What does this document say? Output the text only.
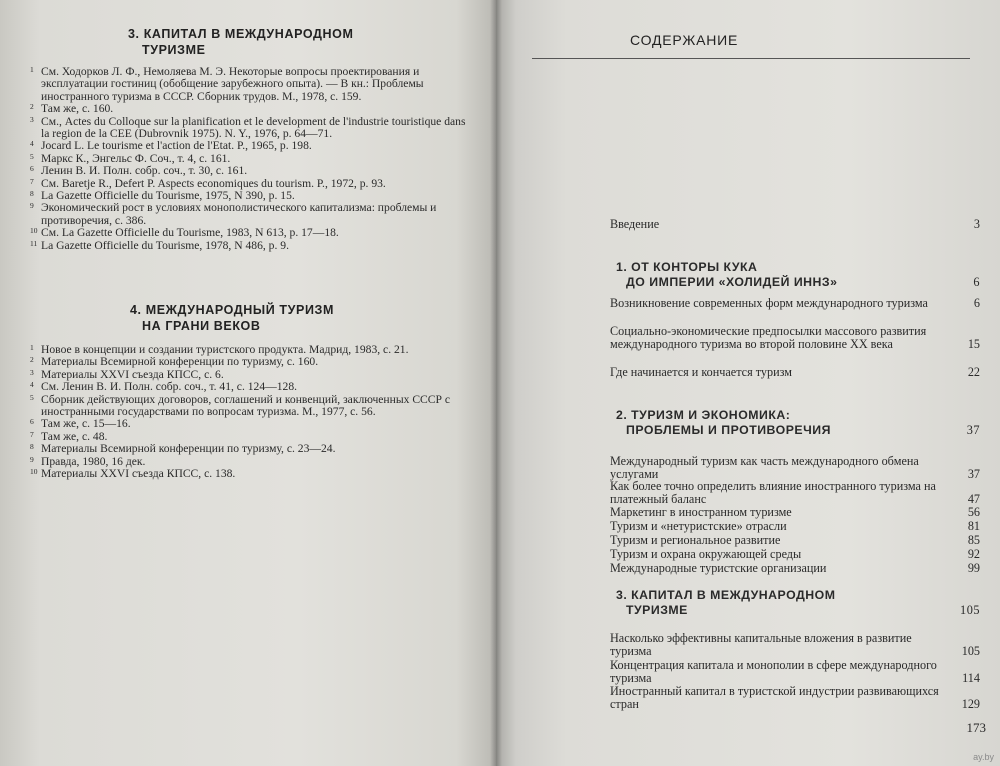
3. КАПИТАЛ В МЕЖДУНАРОДНОМ
ТУРИЗМЕ
1 См. Ходорков Л. Ф., Немоляева М. Э. Некоторые вопросы проектирования и эксплуатации гостиниц (обобщение зарубежного опыта). — В кн.: Проблемы иностранного туризма в СССР. Сборник трудов. М., 1978, с. 159.
2 Там же, с. 160.
3 См., Actes du Colloque sur la planification et le development de l'industrie touristique dans la region de la CEE (Dubrovnik 1975). N. Y., 1976, p. 64—71.
4 Jocard L. Le tourisme et l'action de l'Etat. P., 1965, p. 198.
5 Маркс К., Энгельс Ф. Соч., т. 4, с. 161.
6 Ленин В. И. Полн. собр. соч., т. 30, с. 161.
7 См. Baretje R., Defert P. Aspects economiques du tourism. P., 1972, p. 93.
8 La Gazette Officielle du Tourisme, 1975, N 390, p. 15.
9 Экономический рост в условиях монополистического капитализма: проблемы и противоречия, с. 386.
10 См. La Gazette Officielle du Tourisme, 1983, N 613, p. 17—18.
11 La Gazette Officielle du Tourisme, 1978, N 486, p. 9.
4. МЕЖДУНАРОДНЫЙ ТУРИЗМ
НА ГРАНИ ВЕКОВ
1 Новое в концепции и создании туристского продукта. Мадрид, 1983, с. 21.
2 Материалы Всемирной конференции по туризму, с. 160.
3 Материалы XXVI съезда КПСС, с. 6.
4 См. Ленин В. И. Полн. собр. соч., т. 41, с. 124—128.
5 Сборник действующих договоров, соглашений и конвенций, заключенных СССР с иностранными государствами по вопросам туризма. М., 1977, с. 56.
6 Там же, с. 15—16.
7 Там же, с. 48.
8 Материалы Всемирной конференции по туризму, с. 23—24.
9 Правда, 1980, 16 дек.
10 Материалы XXVI съезда КПСС, с. 138.
СОДЕРЖАНИЕ
Введение	3
1. ОТ КОНТОРЫ КУКА
ДО ИМПЕРИИ «ХОЛИДЕЙ ИННЗ»	6
Возникновение современных форм международного туризма	6
Социально-экономические предпосылки массового развития международного туризма во второй половине XX века	15
Где начинается и кончается туризм	22
2. ТУРИЗМ И ЭКОНОМИКА:
ПРОБЛЕМЫ И ПРОТИВОРЕЧИЯ	37
Международный туризм как часть международного обмена услугами	37
Как более точно определить влияние иностранного туризма на платежный баланс	47
Маркетинг в иностранном туризме	56
Туризм и «нетуристские» отрасли	81
Туризм и региональное развитие	85
Туризм и охрана окружающей среды	92
Международные туристские организации	99
3. КАПИТАЛ В МЕЖДУНАРОДНОМ
ТУРИЗМЕ	105
Насколько эффективны капитальные вложения в развитие туризма	105
Концентрация капитала и монополии в сфере международного туризма	114
Иностранный капитал в туристской индустрии развивающихся стран	129
173
ay.by
